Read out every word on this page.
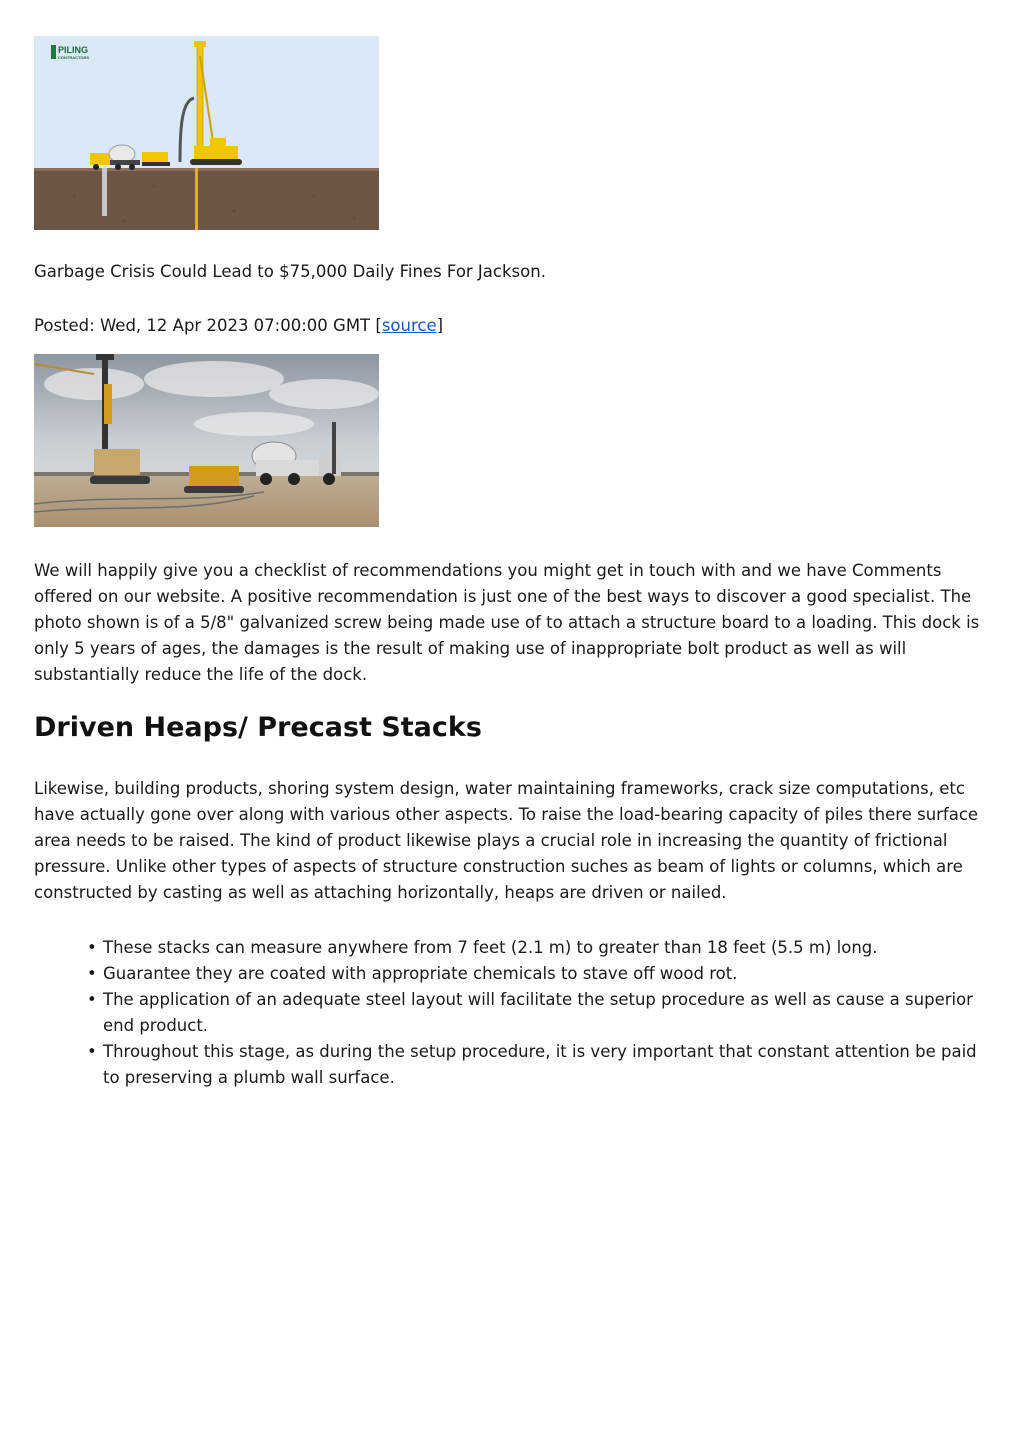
PILING
CONTRACTORS

Garbage Crisis Could Lead to $75,000 Daily Fines For Jackson.

Posted: Wed, 12 Apr 2023 07:00:00 GMT [source]

We will happily give you a checklist of recommendations you might get in touch with and we have Comments offered on our website. A positive recommendation is just one of the best ways to discover a good specialist. The photo shown is of a 5/8" galvanized screw being made use of to attach a structure board to a loading. This dock is only 5 years of ages, the damages is the result of making use of inappropriate bolt product as well as will substantially reduce the life of the dock.

Driven Heaps/ Precast Stacks

Likewise, building products, shoring system design, water maintaining frameworks, crack size computations, etc have actually gone over along with various other aspects. To raise the load-bearing capacity of piles there surface area needs to be raised. The kind of product likewise plays a crucial role in increasing the quantity of frictional pressure. Unlike other types of aspects of structure construction suches as beam of lights or columns, which are constructed by casting as well as attaching horizontally, heaps are driven or nailed.

• These stacks can measure anywhere from 7 feet (2.1 m) to greater than 18 feet (5.5 m) long.
• Guarantee they are coated with appropriate chemicals to stave off wood rot.
• The application of an adequate steel layout will facilitate the setup procedure as well as cause a superior end product.
• Throughout this stage, as during the setup procedure, it is very important that constant attention be paid to preserving a plumb wall surface.
